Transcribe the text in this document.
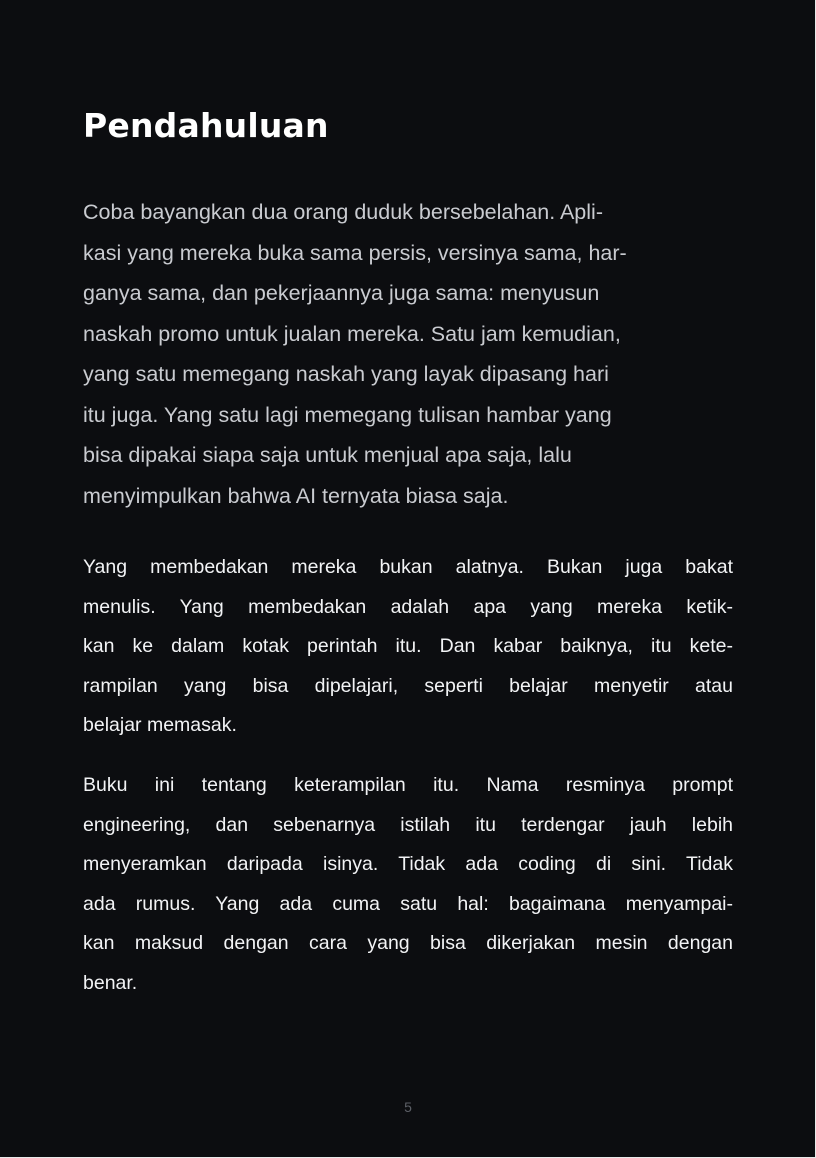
Pendahuluan

Coba bayangkan dua orang duduk bersebelahan. Apli-
kasi yang mereka buka sama persis, versinya sama, har-
ganya sama, dan pekerjaannya juga sama: menyusun
naskah promo untuk jualan mereka. Satu jam kemudian,
yang satu memegang naskah yang layak dipasang hari
itu juga. Yang satu lagi memegang tulisan hambar yang
bisa dipakai siapa saja untuk menjual apa saja, lalu
menyimpulkan bahwa AI ternyata biasa saja.

Yang membedakan mereka bukan alatnya. Bukan juga bakat
menulis. Yang membedakan adalah apa yang mereka ketik-
kan ke dalam kotak perintah itu. Dan kabar baiknya, itu kete-
rampilan yang bisa dipelajari, seperti belajar menyetir atau
belajar memasak.

Buku ini tentang keterampilan itu. Nama resminya prompt
engineering, dan sebenarnya istilah itu terdengar jauh lebih
menyeramkan daripada isinya. Tidak ada coding di sini. Tidak
ada rumus. Yang ada cuma satu hal: bagaimana menyampai-
kan maksud dengan cara yang bisa dikerjakan mesin dengan
benar.

5
